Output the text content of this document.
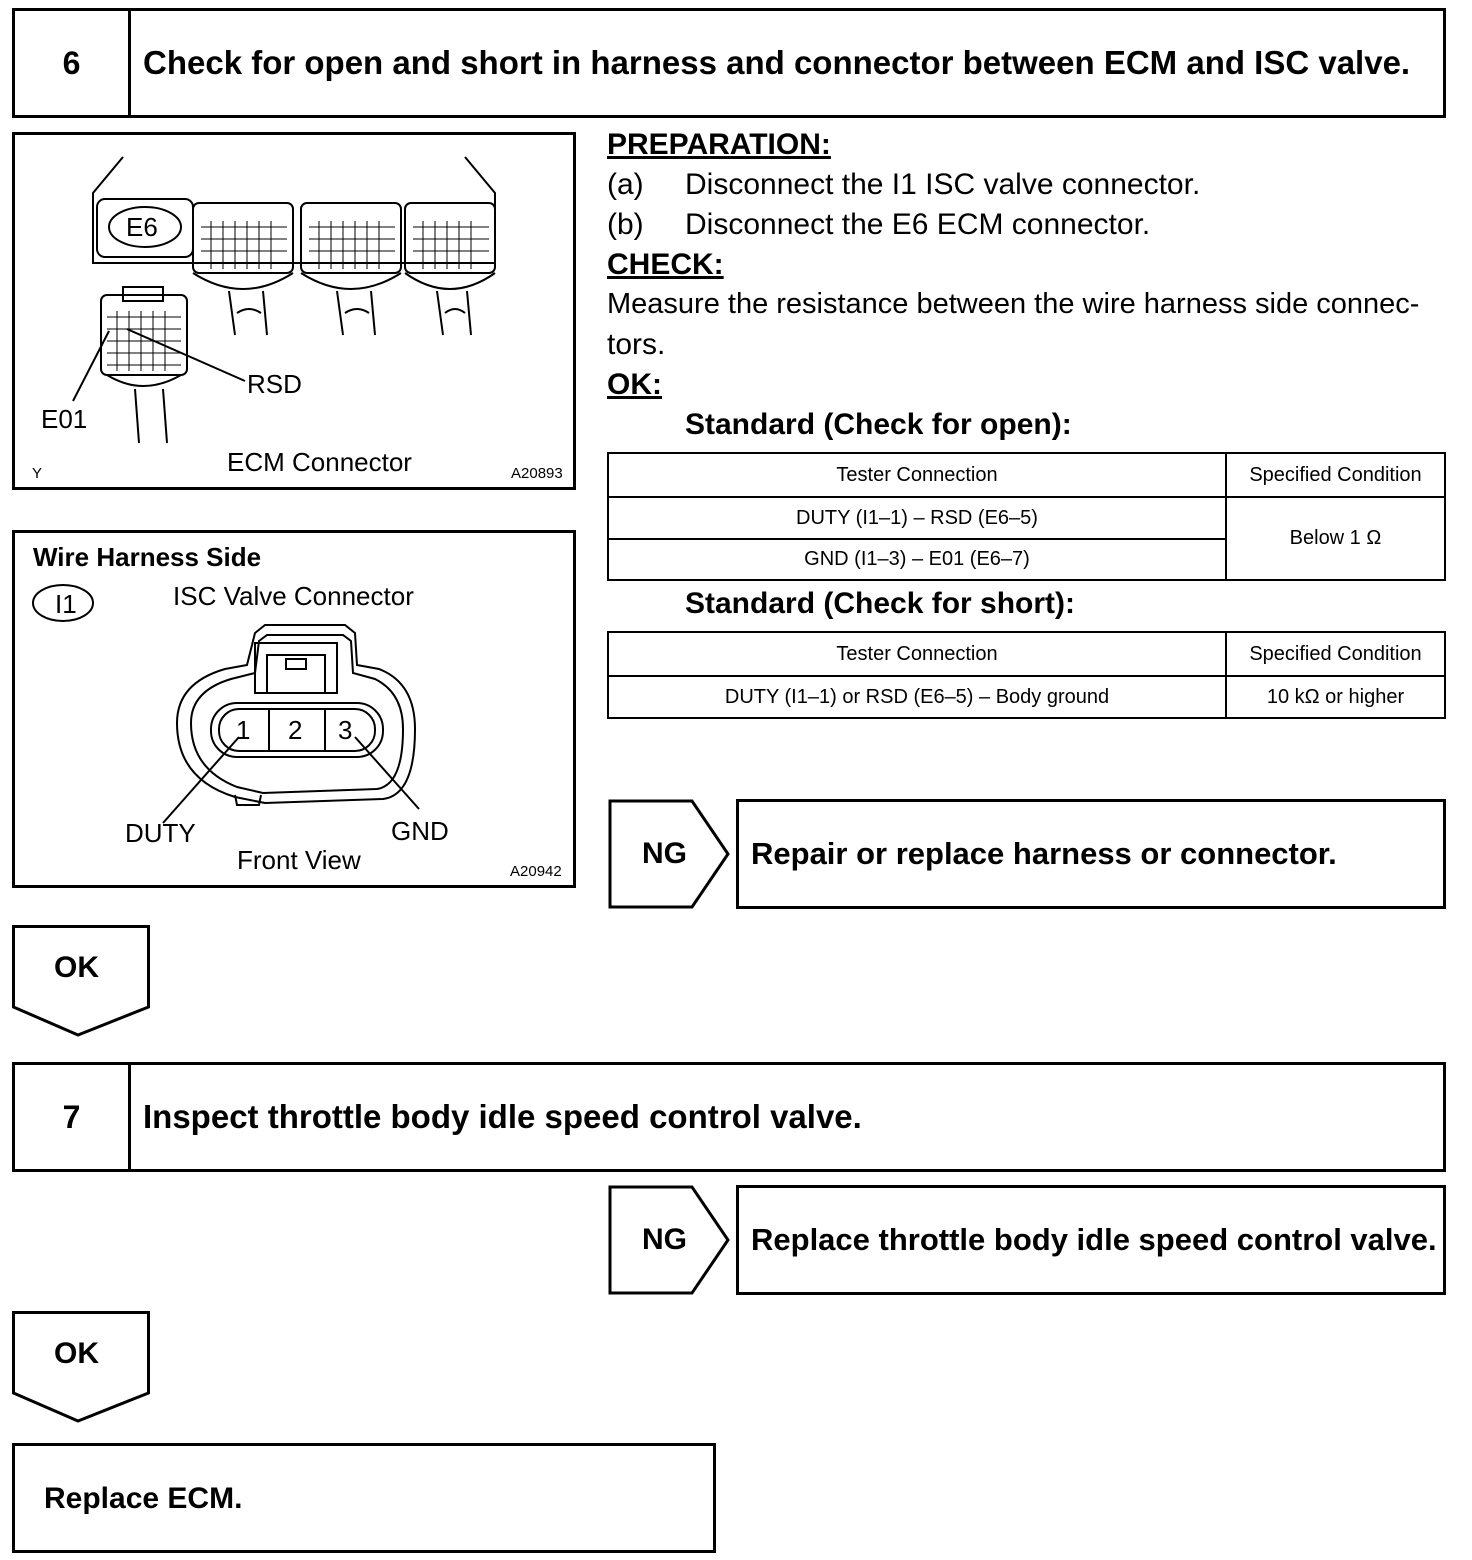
6	Check for open and short in harness and connector between ECM and ISC valve.
E6
RSD
E01
ECM Connector
Y	A20893
Wire Harness Side
I1	ISC Valve Connector
1 2 3
DUTY	GND
Front View	A20942
PREPARATION:
(a) Disconnect the I1 ISC valve connector.
(b) Disconnect the E6 ECM connector.
CHECK:
Measure the resistance between the wire harness side connec-
tors.
OK:
Standard (Check for open):
Tester Connection	Specified Condition
DUTY (I1–1) – RSD (E6–5)	Below 1 Ω
GND (I1–3) – E01 (E6–7)	
Standard (Check for short):
Tester Connection	Specified Condition
DUTY (I1–1) or RSD (E6–5) – Body ground	10 kΩ or higher
NG	Repair or replace harness or connector.
OK
7	Inspect throttle body idle speed control valve.
NG	Replace throttle body idle speed control valve.
OK
Replace ECM.
